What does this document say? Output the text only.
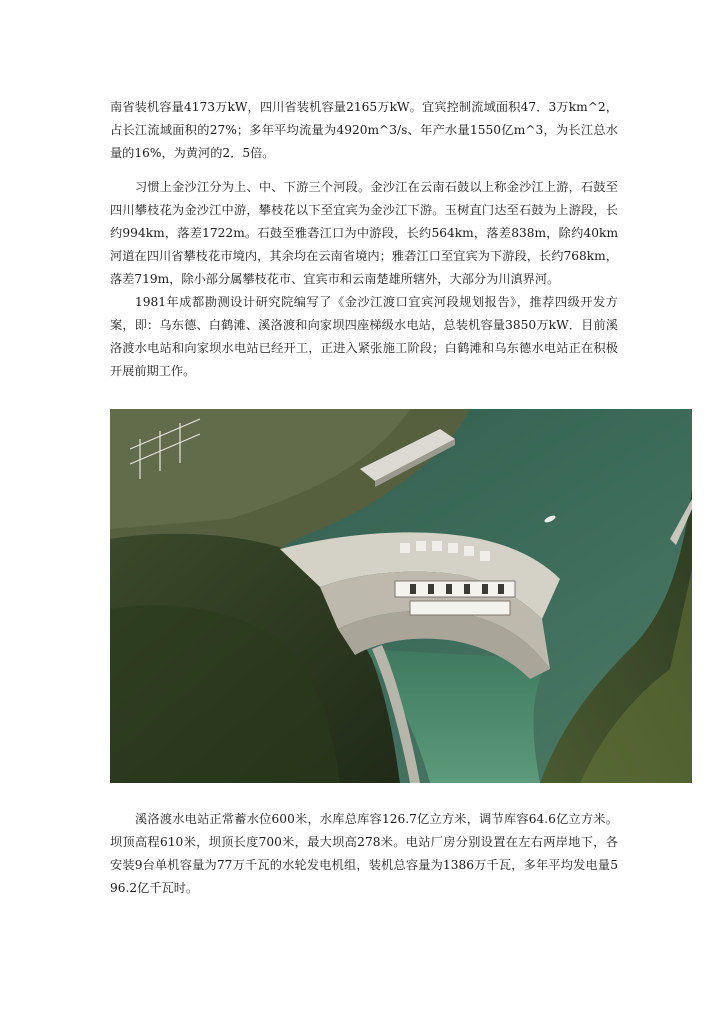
南省装机容量4173万kW，四川省装机容量2165万kW。宜宾控制流域面积47．3万km^2，占长江流域面积的27%；多年平均流量为4920m^3/s、年产水量1550亿m^3，为长江总水量的16%，为黄河的2．5倍。

习惯上金沙江分为上、中、下游三个河段。金沙江在云南石鼓以上称金沙江上游，石鼓至四川攀枝花为金沙江中游，攀枝花以下至宜宾为金沙江下游。玉树直门达至石鼓为上游段，长约994km，落差1722m。石鼓至雅砻江口为中游段，长约564km，落差838m，除约40km河道在四川省攀枝花市境内，其余均在云南省境内；雅砻江口至宜宾为下游段，长约768km，落差719m，除小部分属攀枝花市、宜宾市和云南楚雄所辖外，大部分为川滇界河。

1981年成都勘测设计研究院编写了《金沙江渡口宜宾河段规划报告》，推荐四级开发方案，即：乌东德、白鹤滩、溪洛渡和向家坝四座梯级水电站，总装机容量3850万kW．目前溪洛渡水电站和向家坝水电站已经开工，正进入紧张施工阶段；白鹤滩和乌东德水电站正在积极开展前期工作。

溪洛渡水电站正常蓄水位600米，水库总库容126.7亿立方米，调节库容64.6亿立方米。坝顶高程610米，坝顶长度700米，最大坝高278米。电站厂房分别设置在左右两岸地下，各安装9台单机容量为77万千瓦的水轮发电机组，装机总容量为1386万千瓦，多年平均发电量596.2亿千瓦时。
